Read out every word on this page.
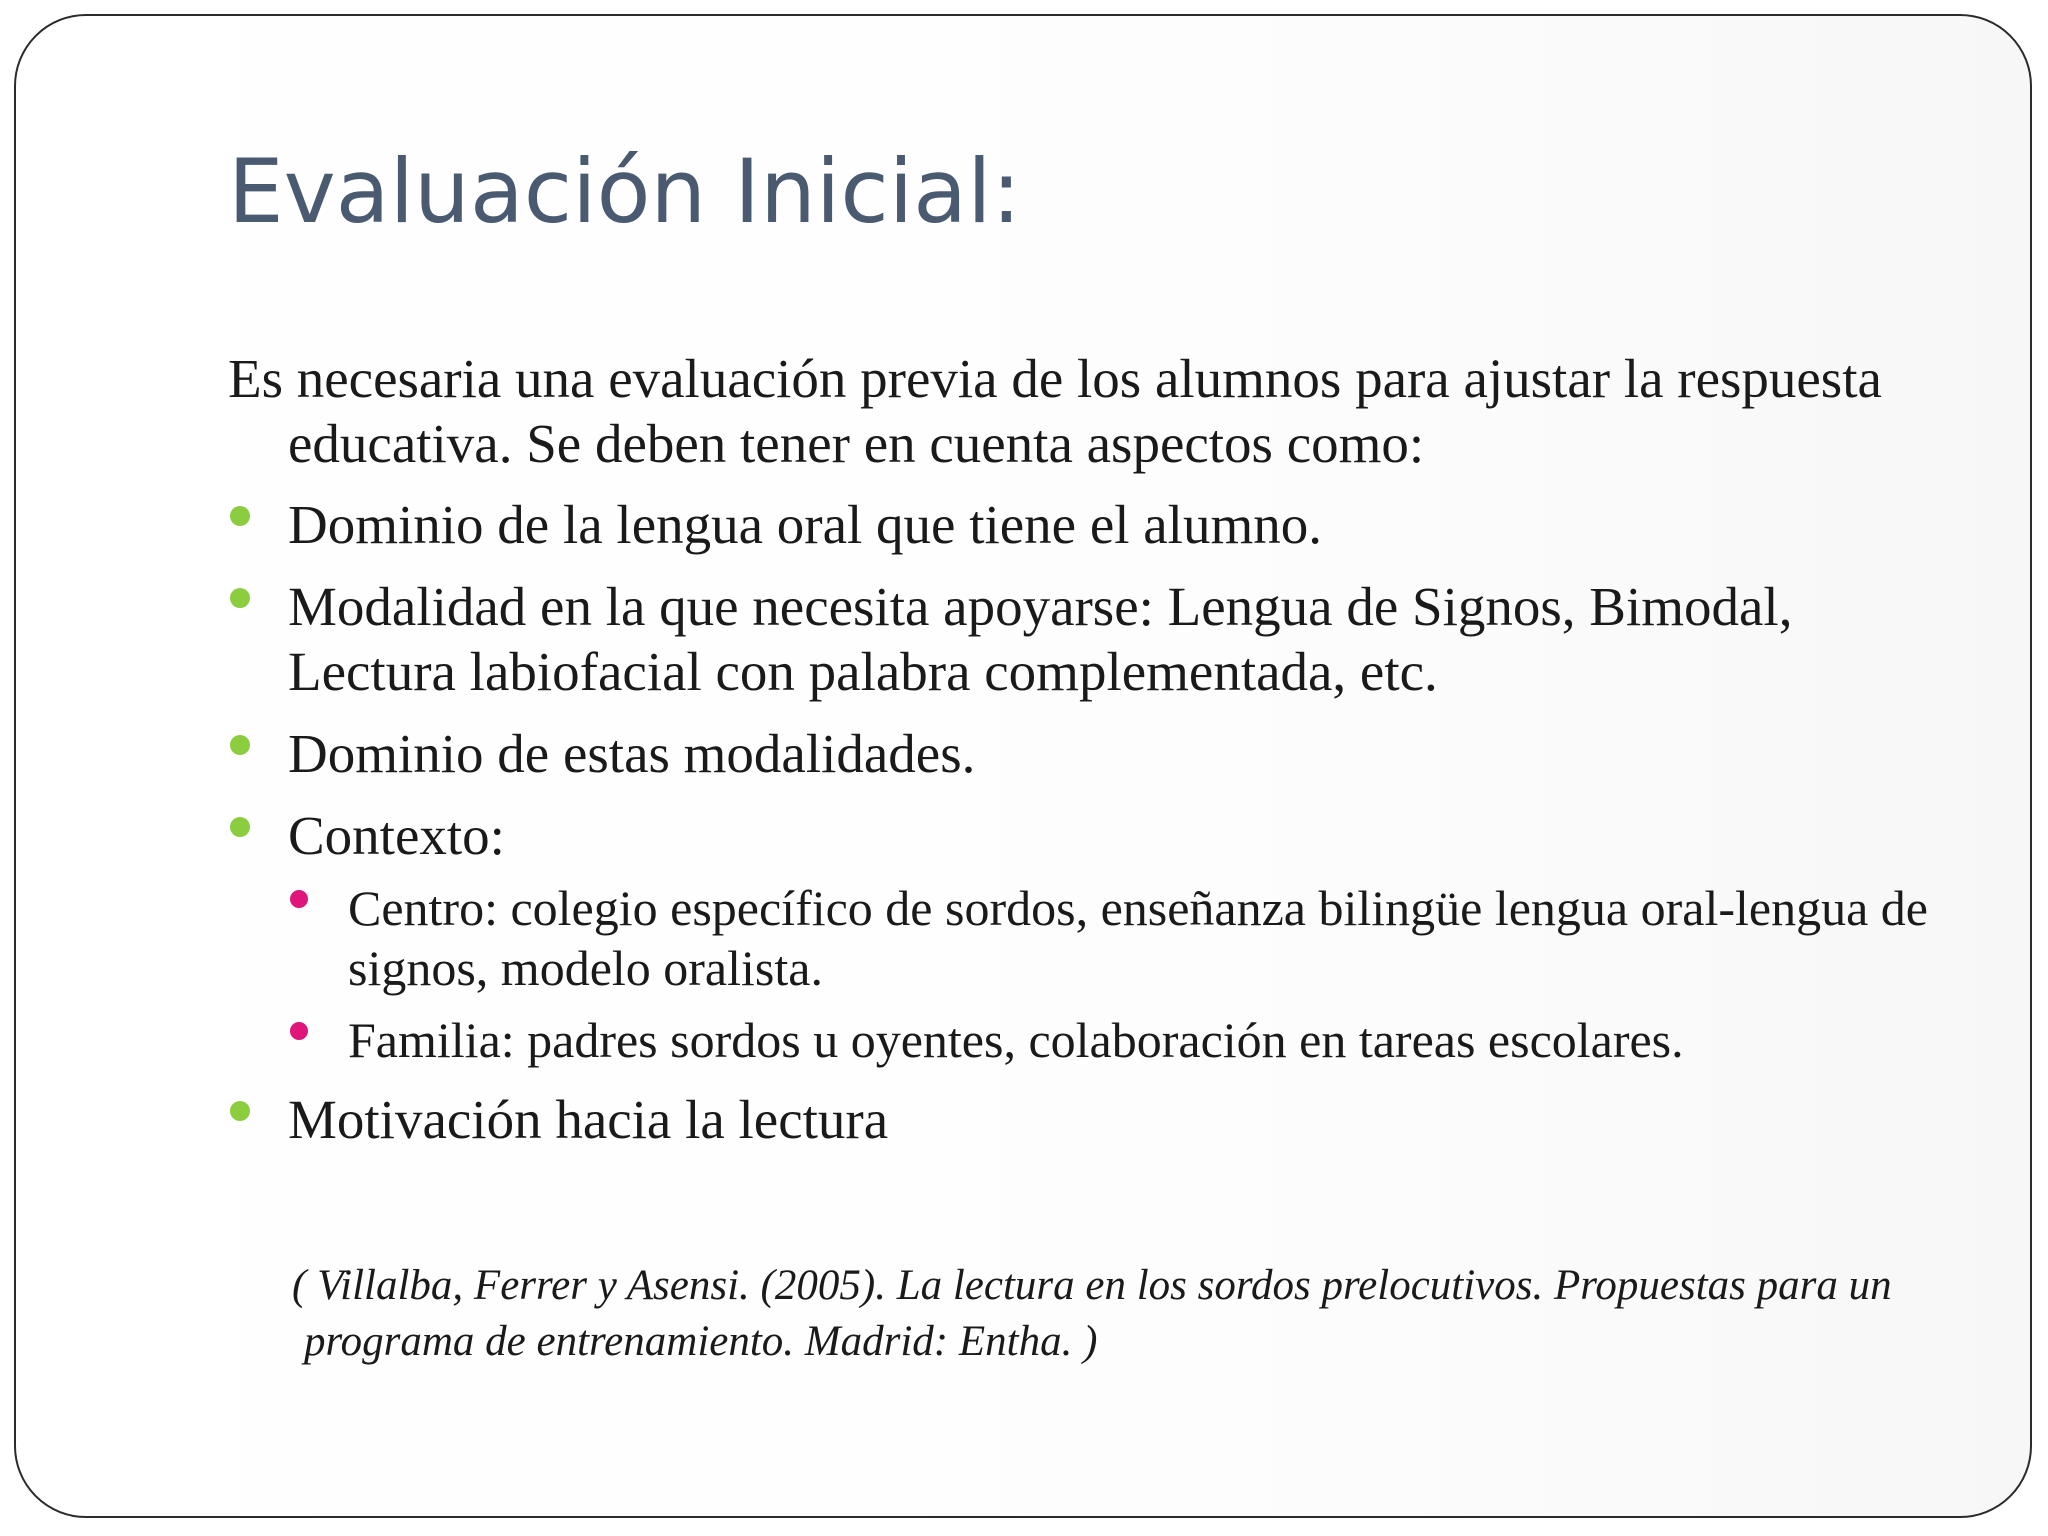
Evaluación Inicial:

Es necesaria una evaluación previa de los alumnos para ajustar la respuesta educativa. Se deben tener en cuenta aspectos como:

Dominio de la lengua oral que tiene el alumno.
Modalidad en la que necesita apoyarse: Lengua de Signos, Bimodal, Lectura labiofacial con palabra complementada, etc.
Dominio de estas modalidades.
Contexto:
Centro: colegio específico de sordos, enseñanza bilingüe lengua oral-lengua de signos, modelo oralista.
Familia: padres sordos u oyentes, colaboración en tareas escolares.
Motivación hacia la lectura

( Villalba, Ferrer y Asensi. (2005). La lectura en los sordos prelocutivos. Propuestas para un programa de entrenamiento. Madrid: Entha. )
